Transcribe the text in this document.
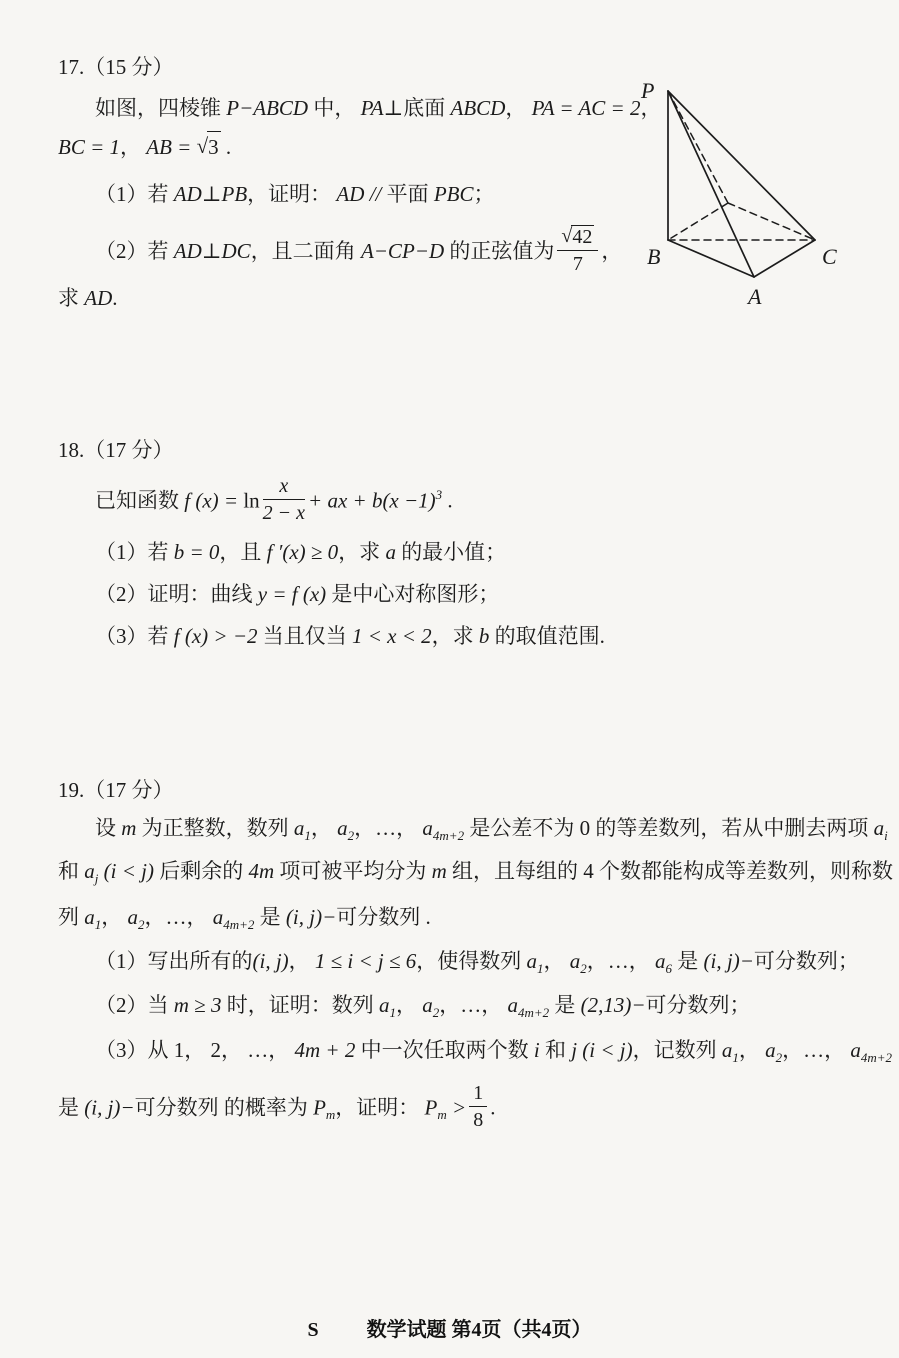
17.（15 分）
如图，四棱锥 P−ABCD 中， PA⊥底面 ABCD， PA = AC = 2，
BC = 1， AB = √3 .
（1）若 AD⊥PB，证明： AD // 平面 PBC；
（2）若 AD⊥DC，且二面角 A−CP−D 的正弦值为 $\frac{√42}{7}$ ，
求 AD.
P
B	C
A
18.（17 分）
已知函数 f $(x) = \ln \frac{x}{2 - x}$ + ax + $b(x -1)^3$ .
（1）若 b = 0，且 f ′(x) ≥ 0，求 a 的最小值；
（2）证明：曲线 y = f (x) 是中心对称图形；
（3）若 f (x) > −2 当且仅当 1 < x < 2，求 b 的取值范围.
19.（17 分）
设 m 为正整数，数列 $a_1$， $a_2$，…， $a_{4m+2}$ 是公差不为 0 的等差数列，若从中删去两项 $a_i$
和 $a_j$ (i < j) 后剩余的 4m 项可被平均分为 m 组，且每组的 4 个数都能构成等差数列，则称数
列 $a_1$， $a_2$，…， $a_{4m+2}$ 是 (i, j)−可分数列 .
（1）写出所有的(i, j)， 1 ≤ i < j ≤ 6，使得数列 $a_1$， $a_2$，…， $a_6$ 是 (i, j)−可分数列；
（2）当 m ≥ 3 时，证明：数列 $a_1$， $a_2$，…， $a_{4m+2}$ 是 (2,13)−可分数列；
（3）从 1， 2， …， 4m + 2 中一次任取两个数 i 和 j (i < j)，记数列 $a_1$， $a_2$，…， $a_{4m+2}$
是 (i, j)−可分数列 的概率为 $P_m$，证明： $P_m > \frac{1}{8}$ .
S 数学试题 第4页（共4页）
